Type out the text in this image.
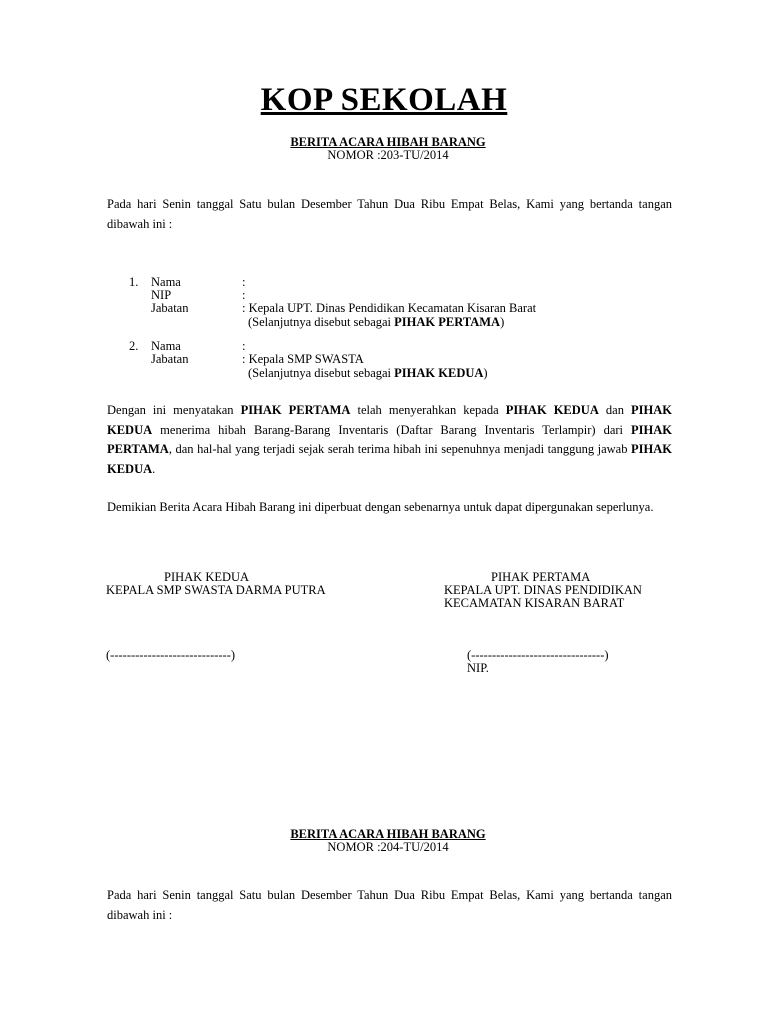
KOP SEKOLAH
BERITA ACARA HIBAH BARANG
NOMOR :203-TU/2014
Pada hari Senin tanggal Satu bulan Desember Tahun Dua Ribu Empat Belas, Kami yang bertanda tangan dibawah ini :
1. Nama	:
NIP	:
Jabatan	: Kepala UPT. Dinas Pendidikan Kecamatan Kisaran Barat
(Selanjutnya disebut sebagai PIHAK PERTAMA)
2. Nama	:
Jabatan	: Kepala SMP SWASTA
(Selanjutnya disebut sebagai PIHAK KEDUA)
Dengan ini menyatakan PIHAK PERTAMA telah menyerahkan kepada PIHAK KEDUA dan PIHAK KEDUA menerima hibah Barang-Barang Inventaris (Daftar Barang Inventaris Terlampir) dari PIHAK PERTAMA, dan hal-hal yang terjadi sejak serah terima hibah ini sepenuhnya menjadi tanggung jawab PIHAK KEDUA.
Demikian Berita Acara Hibah Barang ini diperbuat dengan sebenarnya untuk dapat dipergunakan seperlunya.
PIHAK KEDUA
KEPALA SMP SWASTA DARMA PUTRA
(-----------------------------)
PIHAK PERTAMA
KEPALA UPT. DINAS PENDIDIKAN
KECAMATAN KISARAN BARAT
(--------------------------------)
NIP.
BERITA ACARA HIBAH BARANG
NOMOR :204-TU/2014
Pada hari Senin tanggal Satu bulan Desember Tahun Dua Ribu Empat Belas, Kami yang bertanda tangan dibawah ini :
